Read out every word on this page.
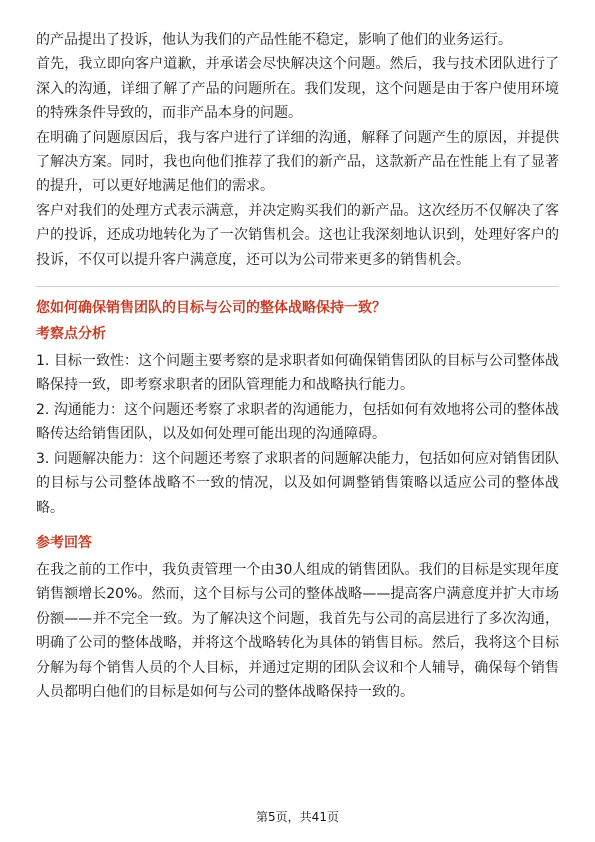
的产品提出了投诉，他认为我们的产品性能不稳定，影响了他们的业务运行。

首先，我立即向客户道歉，并承诺会尽快解决这个问题。然后，我与技术团队进行了深入的沟通，详细了解了产品的问题所在。我们发现，这个问题是由于客户使用环境的特殊条件导致的，而非产品本身的问题。

在明确了问题原因后，我与客户进行了详细的沟通，解释了问题产生的原因，并提供了解决方案。同时，我也向他们推荐了我们的新产品，这款新产品在性能上有了显著的提升，可以更好地满足他们的需求。

客户对我们的处理方式表示满意，并决定购买我们的新产品。这次经历不仅解决了客户的投诉，还成功地转化为了一次销售机会。这也让我深刻地认识到，处理好客户的投诉，不仅可以提升客户满意度，还可以为公司带来更多的销售机会。

您如何确保销售团队的目标与公司的整体战略保持一致？

考察点分析

1. 目标一致性：这个问题主要考察的是求职者如何确保销售团队的目标与公司整体战略保持一致，即考察求职者的团队管理能力和战略执行能力。

2. 沟通能力：这个问题还考察了求职者的沟通能力，包括如何有效地将公司的整体战略传达给销售团队，以及如何处理可能出现的沟通障碍。

3. 问题解决能力：这个问题还考察了求职者的问题解决能力，包括如何应对销售团队的目标与公司整体战略不一致的情况，以及如何调整销售策略以适应公司的整体战略。

参考回答

在我之前的工作中，我负责管理一个由30人组成的销售团队。我们的目标是实现年度销售额增长20%。然而，这个目标与公司的整体战略——提高客户满意度并扩大市场份额——并不完全一致。为了解决这个问题，我首先与公司的高层进行了多次沟通，明确了公司的整体战略，并将这个战略转化为具体的销售目标。然后，我将这个目标分解为每个销售人员的个人目标，并通过定期的团队会议和个人辅导，确保每个销售人员都明白他们的目标是如何与公司的整体战略保持一致的。

第5页，共41页
